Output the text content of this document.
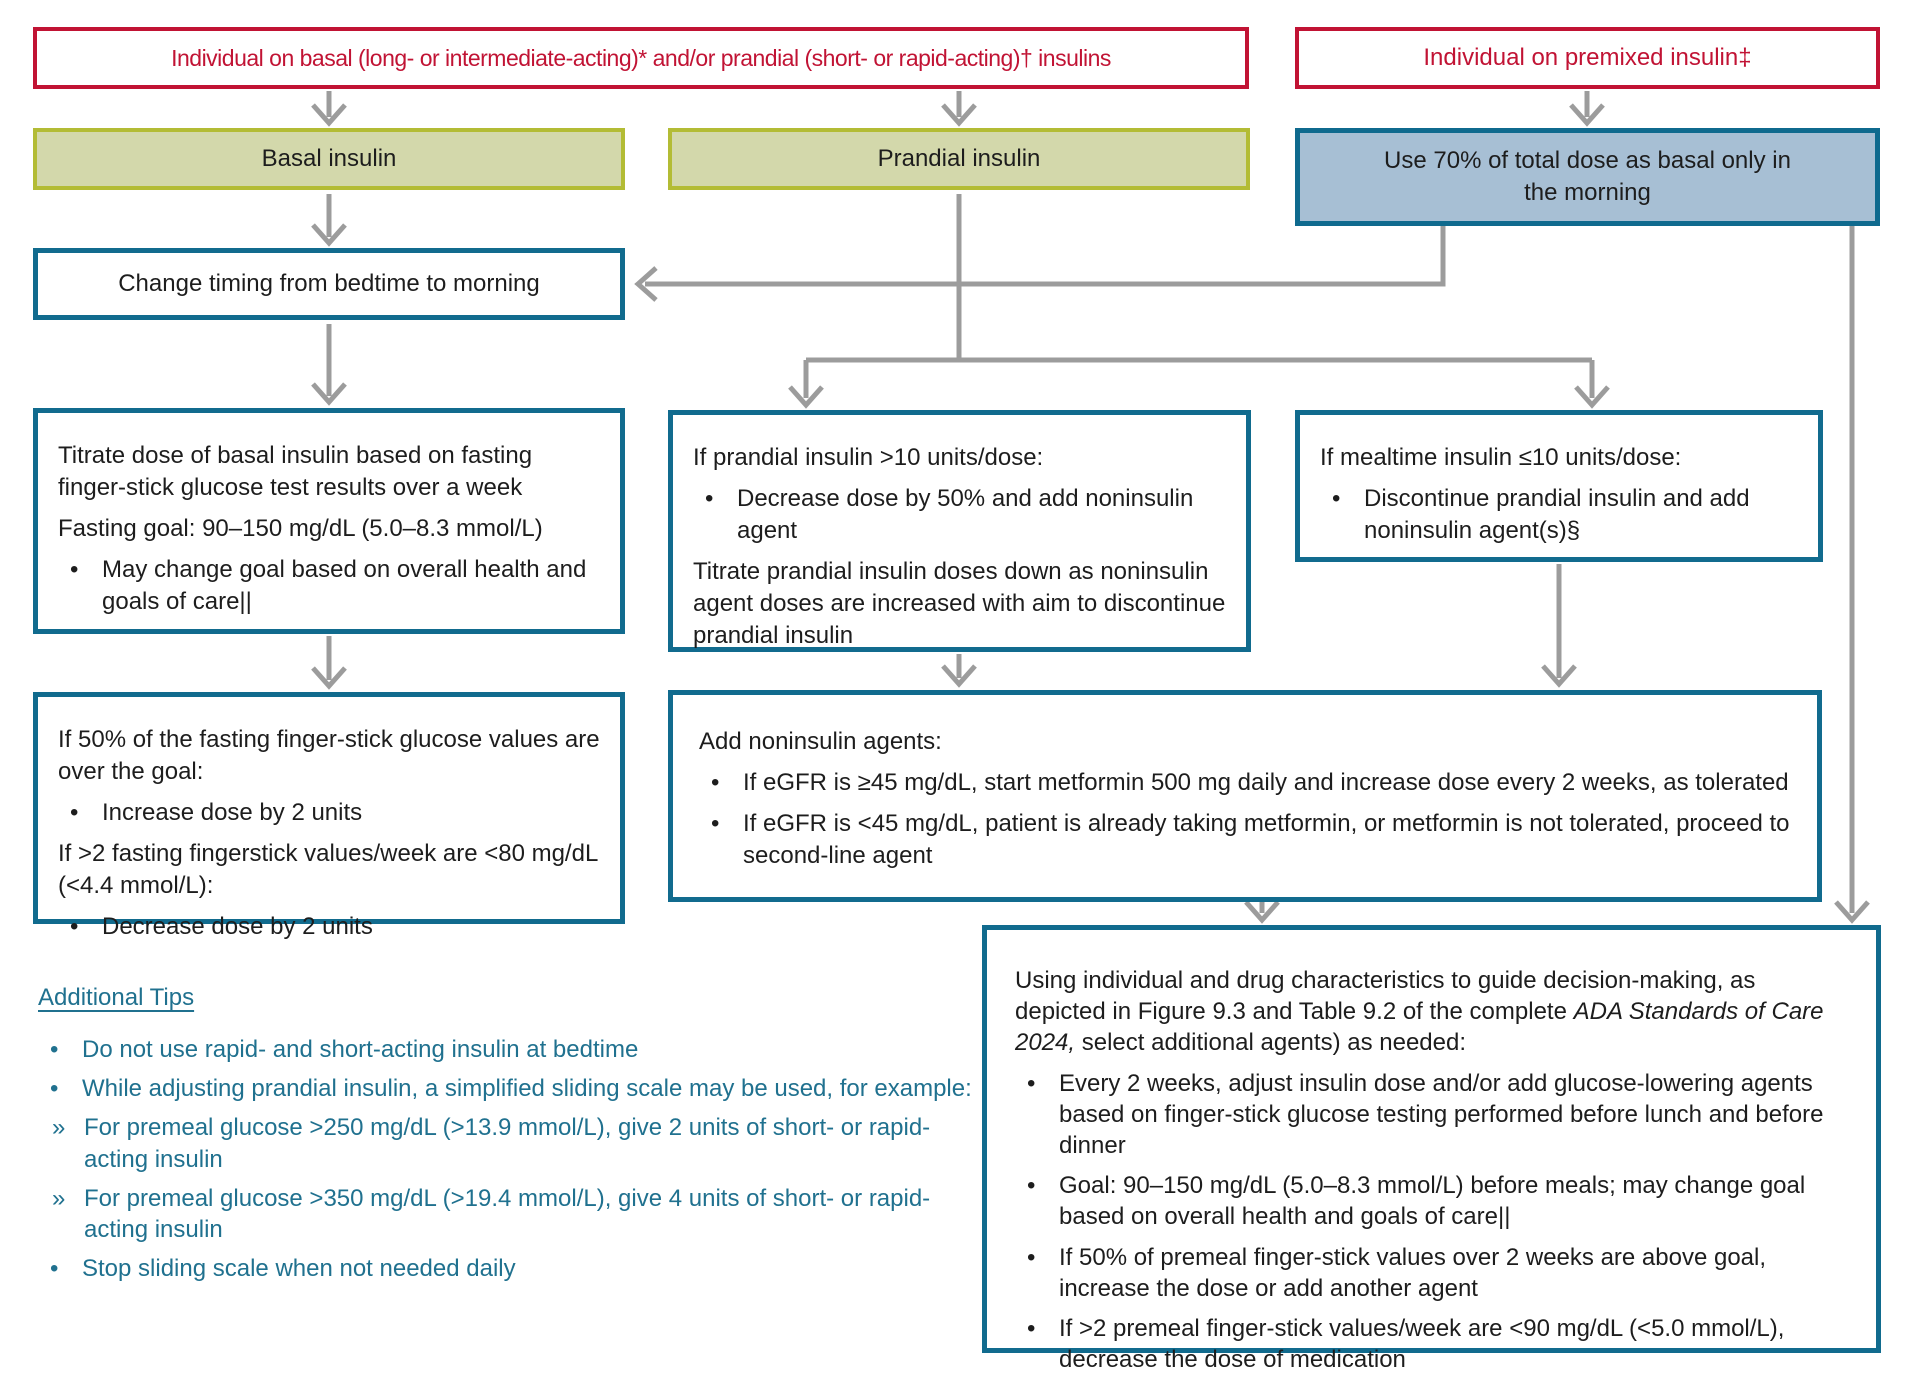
Individual on basal (long- or intermediate-acting)* and/or prandial (short- or rapid-acting)† insulins	Individual on premixed insulin‡
Basal insulin	Prandial insulin	Use 70% of total dose as basal only in the morning
Change timing from bedtime to morning

Titrate dose of basal insulin based on fasting finger-stick glucose test results over a week

Fasting goal: 90–150 mg/dL (5.0–8.3 mmol/L)

• May change goal based on overall health and goals of care||

If prandial insulin >10 units/dose:

• Decrease dose by 50% and add noninsulin agent

Titrate prandial insulin doses down as noninsulin agent doses are increased with aim to discontinue prandial insulin

If mealtime insulin ≤10 units/dose:

• Discontinue prandial insulin and add noninsulin agent(s)§

If 50% of the fasting finger-stick glucose values are over the goal:

• Increase dose by 2 units

If >2 fasting fingerstick values/week are <80 mg/dL (<4.4 mmol/L):

• Decrease dose by 2 units

Add noninsulin agents:

• If eGFR is ≥45 mg/dL, start metformin 500 mg daily and increase dose every 2 weeks, as tolerated
• If eGFR is <45 mg/dL, patient is already taking metformin, or metformin is not tolerated, proceed to second-line agent

Additional Tips

• Do not use rapid- and short-acting insulin at bedtime
• While adjusting prandial insulin, a simplified sliding scale may be used, for example:
» For premeal glucose >250 mg/dL (>13.9 mmol/L), give 2 units of short- or rapid-acting insulin
» For premeal glucose >350 mg/dL (>19.4 mmol/L), give 4 units of short- or rapid-acting insulin
• Stop sliding scale when not needed daily

Using individual and drug characteristics to guide decision-making, as depicted in Figure 9.3 and Table 9.2 of the complete ADA Standards of Care 2024, select additional agents) as needed:

• Every 2 weeks, adjust insulin dose and/or add glucose-lowering agents based on finger-stick glucose testing performed before lunch and before dinner
• Goal: 90–150 mg/dL (5.0–8.3 mmol/L) before meals; may change goal based on overall health and goals of care||
• If 50% of premeal finger-stick values over 2 weeks are above goal, increase the dose or add another agent
• If >2 premeal finger-stick values/week are <90 mg/dL (<5.0 mmol/L), decrease the dose of medication
